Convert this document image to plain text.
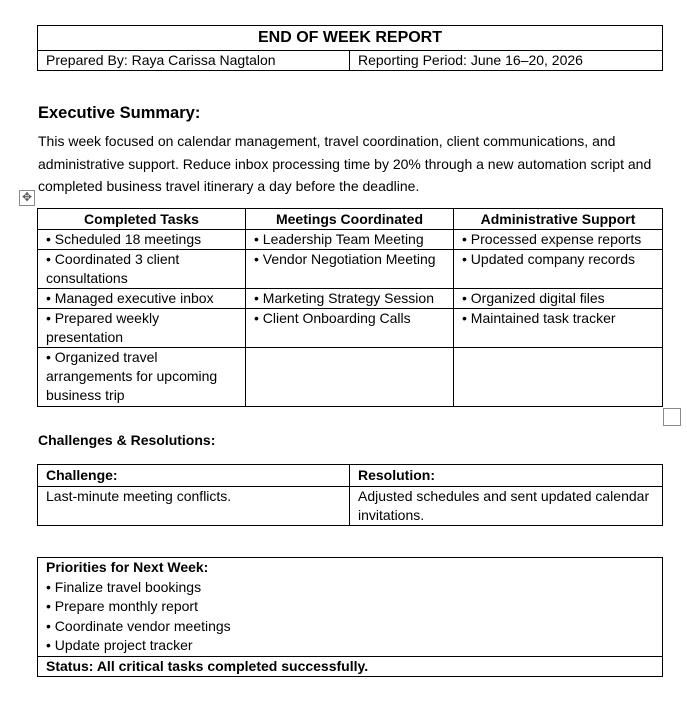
END OF WEEK REPORT
Prepared By: Raya Carissa Nagtalon	Reporting Period: June 16–20, 2026
Executive Summary:
This week focused on calendar management, travel coordination, client communications, and administrative support. Reduce inbox processing time by 20% through a new automation script and completed business travel itinerary a day before the deadline.
✥
Completed Tasks	Meetings Coordinated	Administrative Support
• Scheduled 18 meetings	• Leadership Team Meeting	• Processed expense reports
• Coordinated 3 client consultations	• Vendor Negotiation Meeting	• Updated company records
• Managed executive inbox	• Marketing Strategy Session	• Organized digital files
• Prepared weekly presentation	• Client Onboarding Calls	• Maintained task tracker
• Organized travel arrangements for upcoming business trip		
Challenges & Resolutions:
Challenge:	Resolution:
Last-minute meeting conflicts.	Adjusted schedules and sent updated calendar invitations.
Priorities for Next Week:
• Finalize travel bookings
• Prepare monthly report
• Coordinate vendor meetings
• Update project tracker

Status: All critical tasks completed successfully.
